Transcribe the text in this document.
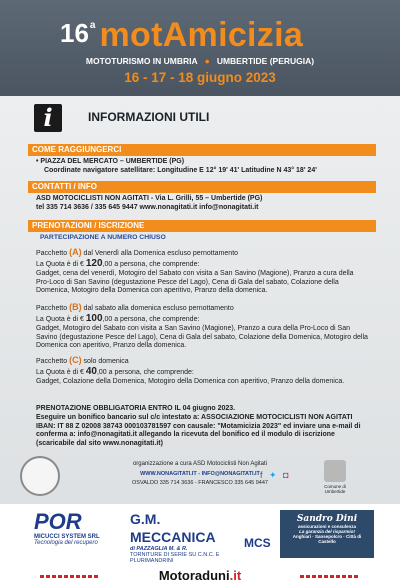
16 a motAmicizia
MOTOTURISMO IN UMBRIA ● UMBERTIDE (PERUGIA)
16 - 17 - 18 giugno 2023
i	INFORMAZIONI UTILI
COME RAGGIUNGERCI
• PIAZZA DEL MERCATO – UMBERTIDE (PG)
Coordinate navigatore satellitare: Longitudine E 12° 19' 41' Latitudine N 43° 18' 24'
CONTATTI / INFO
ASD MOTOCICLISTI NON AGITATI - Via L. Grilli, 55 – Umbertide (PG)
tel 335 714 3636 / 335 645 9447 www.nonagitati.it info@nonagitati.it
PRENOTAZIONI / ISCRIZIONE
PARTECIPAZIONE A NUMERO CHIUSO
Pacchetto (A) dal Venerdì alla Domenica escluso pernottamento
La Quota è di € 120,00 a persona, che comprende:
Gadget, cena del venerdì, Motogiro del Sabato con visita a San Savino (Magione), Pranzo a cura della Pro-Loco di San Savino (degustazione Pesce del Lago), Cena di Gala del sabato, Colazione della Domenica, Motogiro della Domenica con aperitivo, Pranzo della domenica.
Pacchetto (B) dal sabato alla domenica escluso pernottamento
La Quota è di € 100,00 a persona, che comprende:
Gadget, Motogiro del Sabato con visita a San Savino (Magione), Pranzo a cura della Pro-Loco di San Savino (degustazione Pesce del Lago), Cena di Gala del sabato, Colazione della Domenica, Motogiro della Domenica con aperitivo, Pranzo della domenica.
Pacchetto (C) solo domenica
La Quota è di € 40,00 a persona, che comprende:
Gadget, Colazione della Domenica, Motogiro della Domenica con aperitivo, Pranzo della domenica.
PRENOTAZIONE OBBLIGATORIA ENTRO IL 04 giugno 2023.
Eseguire un bonifico bancario sul c/c intestato a: ASSOCIAZIONE MOTOCICLISTI NON AGITATI IBAN: IT 88 Z 02008 38743 000103781597 con causale: "Motamicizia 2023" ed inviare una e-mail di conferma a: info@nonagitati.it allegando la ricevuta del bonifico ed il modulo di iscrizione (scaricabile dal sito www.nonagitati.it)
organizzazione a cura ASD Motociclisti Non Agitati
WWW.NONAGITATI.IT - INFO@NONAGITATI.IT
OSVALDO 335 714 3636 - FRANCESCO 335 645 9447
f ✦ ◘
Comune di Umbertide
POR
MICUCCI SYSTEM SRL
Tecnologia del recupero
G.M. MECCANICA
di PAZZAGLIA M. & R.
TORNITURE DI SERIE SU C.N.C. E PLURIMANDRINI
MCS
Sandro Dini
assicurazioni e consulenza
La garanzia del risparmio!
Anghiari · Sansepolcro · Città di Castello
Motoraduni.it
